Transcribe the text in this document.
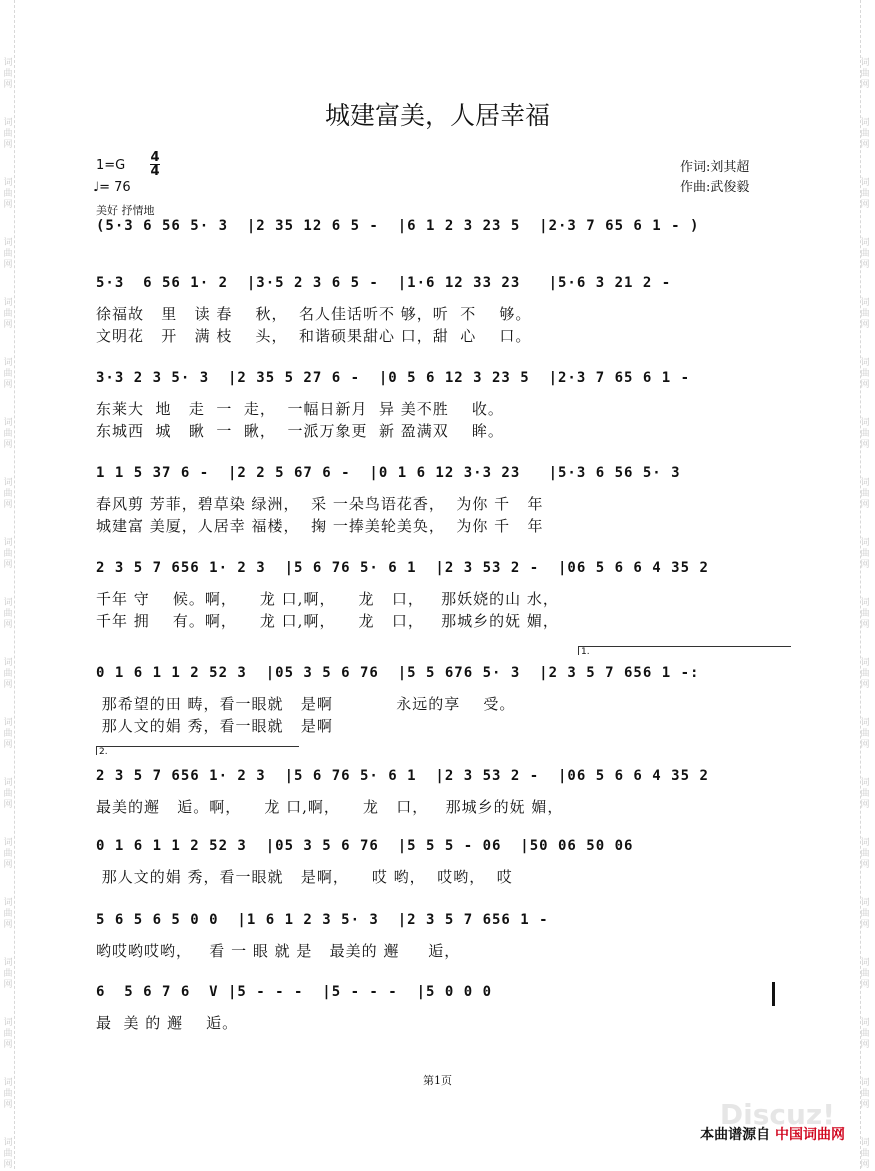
词
曲
网
词
曲
网
词
曲
网
词
曲
网
词
曲
网
词
曲
网
词
曲
网
词
曲
网
词
曲
网
词
曲
网
词
曲
网
词
曲
网
词
曲
网
词
曲
网
词
曲
网
词
曲
网
词
曲
网
词
曲
网
词
曲
网
词
曲
网
词
曲
网
词
曲
网
词
曲
网
词
曲
网
词
曲
网
词
曲
网
词
曲
网
词
曲
网
词
曲
网
词
曲
网
词
曲
网
词
曲
网
词
曲
网
词
曲
网
词
曲
网
词
曲
网
词
曲
网
词
曲
网
城建富美，人居幸福
1=G
4
4
♩= 76
作词:刘其超
作曲:武俊毅
美好 抒情地
(5·3 6 56 5· 3  |2 35 12 6 5 -  |6 1 2 3 23 5  |2·3 7 65 6 1 - )
5·3  6 56 1· 2  |3·5 2 3 6 5 -  |1·6 12 33 23   |5·6 3 21 2 -
徐福故   里   读 春    秋，  名人佳话听不 够，听  不    够。
文明花   开   满 枝    头，  和谐硕果甜心 口，甜  心    口。
3·3 2 3 5· 3  |2 35 5 27 6 -  |0 5 6 12 3 23 5  |2·3 7 65 6 1 -
东莱大  地   走  一  走，  一幅日新月  异 美不胜    收。
东城西  城   瞅  一  瞅，  一派万象更  新 盈满双    眸。
1 1 5 37 6 -  |2 2 5 67 6 -  |0 1 6 12 3·3 23   |5·3 6 56 5· 3
春风剪 芳菲，碧草染 绿洲，  采 一朵鸟语花香，  为你 千   年
城建富 美厦，人居幸 福楼，  掬 一捧美轮美奂，  为你 千   年
2 3 5 7 656 1· 2 3  |5 6 76 5· 6 1  |2 3 53 2 -  |06 5 6 6 4 35 2
千年 守    候。啊，    龙 口,啊，    龙   口，   那妖娆的山 水，
千年 拥    有。啊，    龙 口,啊，    龙   口，   那城乡的妩 媚，
0 1 6 1 1 2 52 3  |05 3 5 6 76  |5 5 676 5· 3  |2 3 5 7 656 1 -:
那希望的田 畴，看一眼就   是啊           永远的享    受。
那人文的娟 秀，看一眼就   是啊
2 3 5 7 656 1· 2 3  |5 6 76 5· 6 1  |2 3 53 2 -  |06 5 6 6 4 35 2
最美的邂   逅。啊，    龙 口,啊，    龙   口，   那城乡的妩 媚，
0 1 6 1 1 2 52 3  |05 3 5 6 76  |5 5 5 - 06  |50 06 50 06
那人文的娟 秀，看一眼就   是啊，    哎 哟，  哎哟，  哎
5 6 5 6 5 0 0  |1 6 1 2 3 5· 3  |2 3 5 7 656 1 -
哟哎哟哎哟，   看 一 眼 就 是   最美的 邂     逅，
6  5 6 7 6  V |5 - - -  |5 - - -  |5 0 0 0
最  美 的 邂    逅。
1.
2.
第1页
Discuz!
本曲谱源自 中国词曲网
